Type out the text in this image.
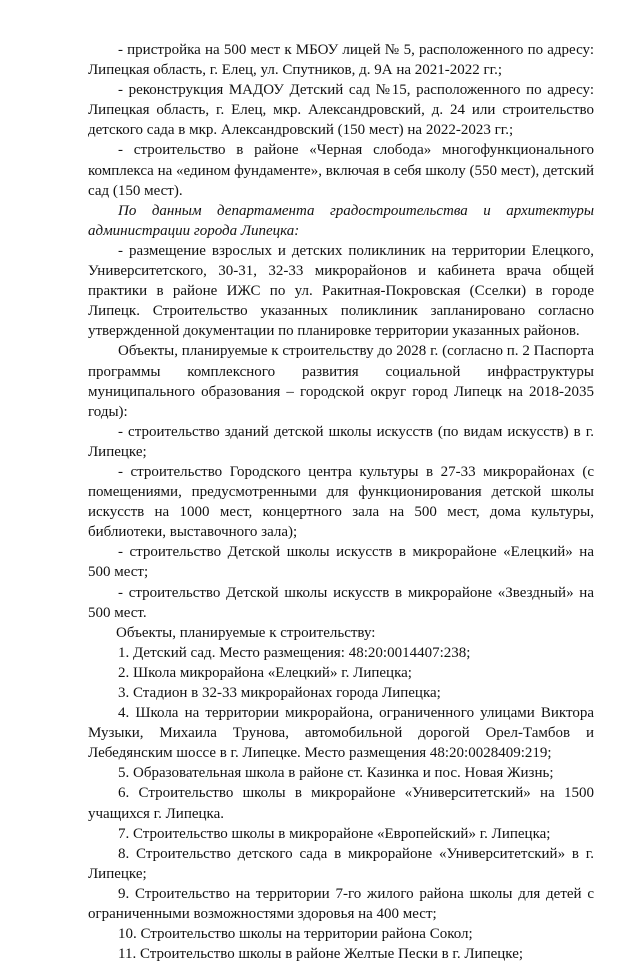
- пристройка на 500 мест к МБОУ лицей № 5, расположенного по адресу: Липецкая область, г. Елец, ул. Спутников, д. 9А на 2021-2022 гг.;

- реконструкция МАДОУ Детский сад №15, расположенного по адресу: Липецкая область, г. Елец, мкр. Александровский, д. 24 или строительство детского сада в мкр. Александровский (150 мест) на 2022-2023 гг.;

- строительство в районе «Черная слобода» многофункционального комплекса на «едином фундаменте», включая в себя школу (550 мест), детский сад (150 мест).

По данным департамента градостроительства и архитектуры администрации города Липецка:

- размещение взрослых и детских поликлиник на территории Елецкого, Университетского, 30-31, 32-33 микрорайонов и кабинета врача общей практики в районе ИЖС по ул. Ракитная-Покровская (Сселки) в городе Липецк. Строительство указанных поликлиник запланировано согласно утвержденной документации по планировке территории указанных районов.

Объекты, планируемые к строительству до 2028 г. (согласно п. 2 Паспорта программы комплексного развития социальной инфраструктуры муниципального образования – городской округ город Липецк на 2018-2035 годы):

- строительство зданий детской школы искусств (по видам искусств) в г. Липецке;

- строительство Городского центра культуры в 27-33 микрорайонах (с помещениями, предусмотренными для функционирования детской школы искусств на 1000 мест, концертного зала на 500 мест, дома культуры, библиотеки, выставочного зала);

- строительство Детской школы искусств в микрорайоне «Елецкий» на 500 мест;

- строительство Детской школы искусств в микрорайоне «Звездный» на 500 мест.

Объекты, планируемые к строительству:

1. Детский сад. Место размещения: 48:20:0014407:238;

2. Школа микрорайона «Елецкий» г. Липецка;

3. Стадион в 32-33 микрорайонах города Липецка;

4. Школа на территории микрорайона, ограниченного улицами Виктора Музыки, Михаила Трунова, автомобильной дорогой Орел-Тамбов и Лебедянским шоссе в г. Липецке. Место размещения 48:20:0028409:219;

5. Образовательная школа в районе ст. Казинка и пос. Новая Жизнь;

6. Строительство школы в микрорайоне «Университетский» на 1500 учащихся г. Липецка.

7. Строительство школы в микрорайоне «Европейский» г. Липецка;

8. Строительство детского сада в микрорайоне «Университетский» в г. Липецке;

9. Строительство на территории 7-го жилого района школы для детей с ограниченными возможностями здоровья на 400 мест;

10. Строительство школы на территории района Сокол;

11. Строительство школы в районе Желтые Пески в г. Липецке;
